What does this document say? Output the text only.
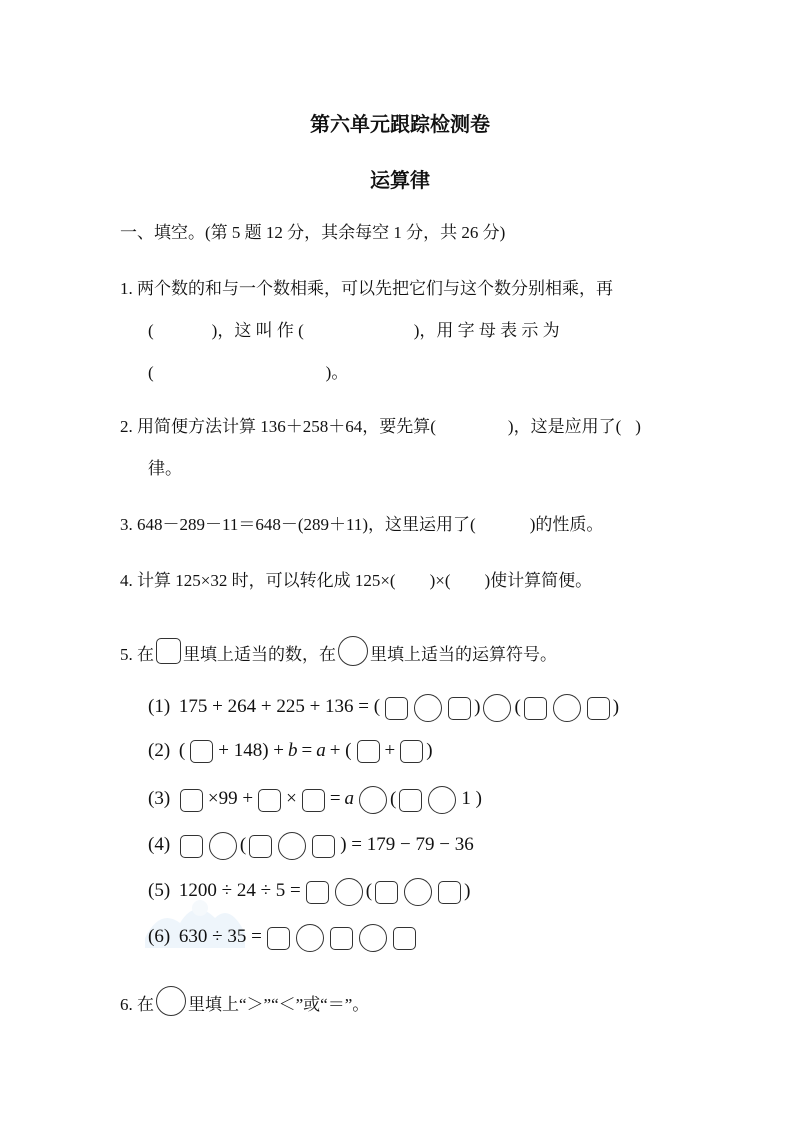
第六单元跟踪检测卷
运算律
一、填空。(第 5 题 12 分，其余每空 1 分，共 26 分)
1. 两个数的和与一个数相乘，可以先把它们与这个数分别相乘，再
(	)，这 叫 作 (	)，用 字 母 表 示 为
(	)。
2. 用简便方法计算 136＋258＋64，要先算(	)，这是应用了( )
律。
3. 648－289－11＝648－(289＋11)，这里运用了(	)的性质。
4. 计算 125×32 时，可以转化成 125×( )×( )使计算简便。
5. 在 里填上适当的数，在 里填上适当的运算符号。
(1) 175 + 264 + 225 + 136 = (	) (	)
(2) ( + 148) + b = a + ( + )
(3) ×99 + × = a (	1 )
(4)	(	) = 179 − 79 − 36
(5) 1200 ÷ 24 ÷ 5 =	(	)
(6) 630 ÷ 35 =
6. 在 里填上“＞”“＜”或“＝”。
